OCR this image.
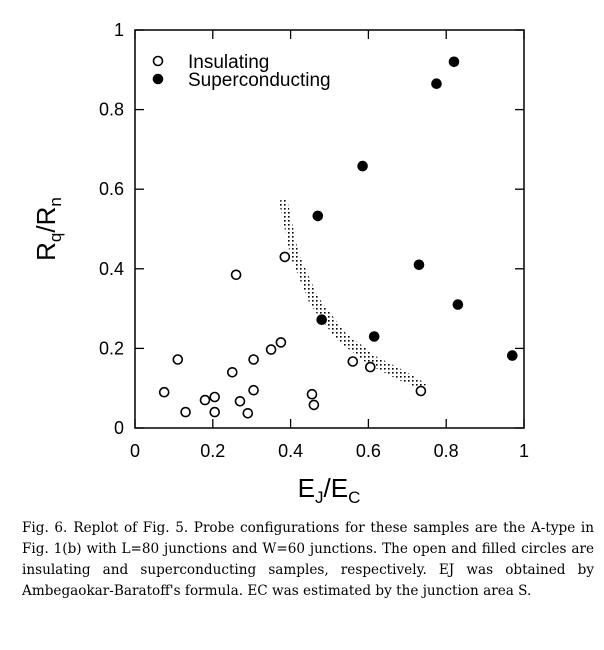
0	0.2	0.4	0.6	0.8	1
0
0.2
0.4
0.6
0.8
1
Insulating
Superconducting
$E_J/E_C$
$R_q/R_n$

Fig. 6. Replot of Fig. 5. Probe configurations for these samples are the A-type in Fig. 1(b) with L=80 junctions and W=60 junctions. The open and filled circles are insulating and superconducting samples, respectively. EJ was obtained by Ambegaokar-Baratoff's formula. EC was estimated by the junction area S.
